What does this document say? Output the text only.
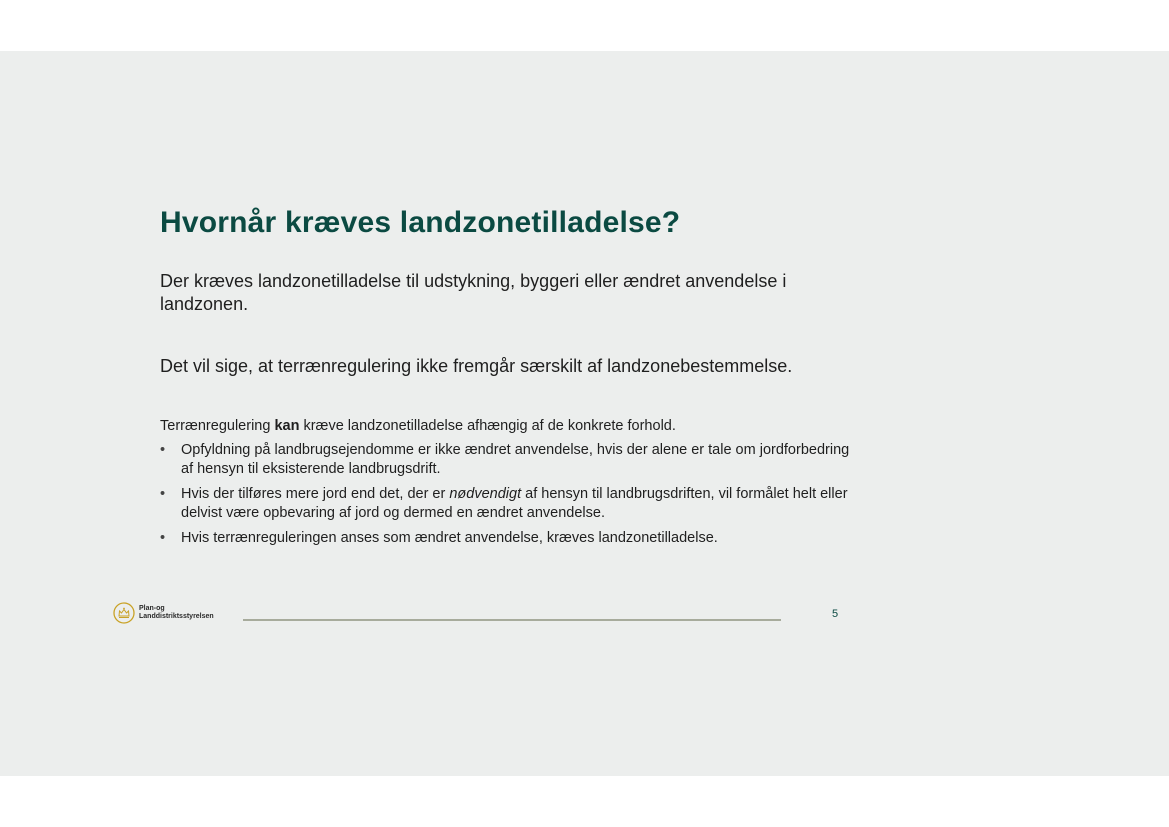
Hvornår kræves landzonetilladelse?

Der kræves landzonetilladelse til udstykning, byggeri eller ændret anvendelse i landzonen.

Det vil sige, at terrænregulering ikke fremgår særskilt af landzonebestemmelse.

Terrænregulering kan kræve landzonetilladelse afhængig af de konkrete forhold.

•	Opfyldning på landbrugsejendomme er ikke ændret anvendelse, hvis der alene er tale om jordforbedring af hensyn til eksisterende landbrugsdrift.
•	Hvis der tilføres mere jord end det, der er nødvendigt af hensyn til landbrugsdriften, vil formålet helt eller delvist være opbevaring af jord og dermed en ændret anvendelse.
•	Hvis terrænreguleringen anses som ændret anvendelse, kræves landzonetilladelse.
Plan-og
Landdistriktsstyrelsen	5
